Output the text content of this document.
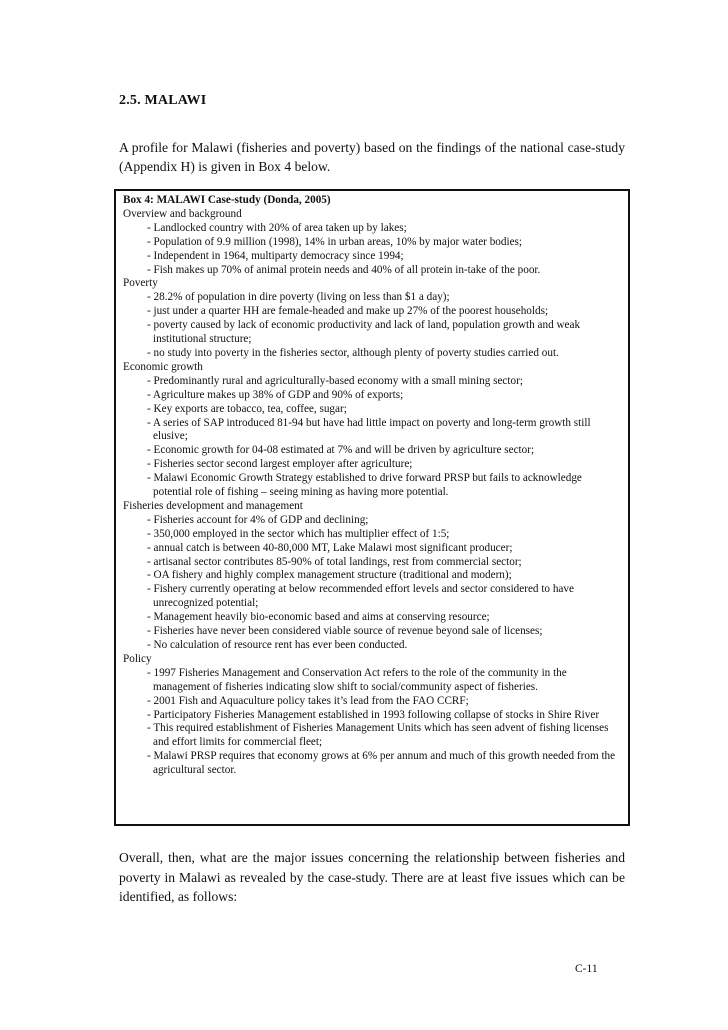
2.5. MALAWI

A profile for Malawi (fisheries and poverty) based on the findings of the national case-study (Appendix H) is given in Box 4 below.

Box 4: MALAWI Case-study (Donda, 2005)
Overview and background
- Landlocked country with 20% of area taken up by lakes;
- Population of 9.9 million (1998), 14% in urban areas, 10% by major water bodies;
- Independent in 1964, multiparty democracy since 1994;
- Fish makes up 70% of animal protein needs and 40% of all protein in-take of the poor.
Poverty
- 28.2% of population in dire poverty (living on less than $1 a day);
- just under a quarter HH are female-headed and make up 27% of the poorest households;
- poverty caused by lack of economic productivity and lack of land, population growth and weak institutional structure;
- no study into poverty in the fisheries sector, although plenty of poverty studies carried out.
Economic growth
- Predominantly rural and agriculturally-based economy with a small mining sector;
- Agriculture makes up 38% of GDP and 90% of exports;
- Key exports are tobacco, tea, coffee, sugar;
- A series of SAP introduced 81-94 but have had little impact on poverty and long-term growth still elusive;
- Economic growth for 04-08 estimated at 7% and will be driven by agriculture sector;
- Fisheries sector second largest employer after agriculture;
- Malawi Economic Growth Strategy established to drive forward PRSP but fails to acknowledge potential role of fishing – seeing mining as having more potential.
Fisheries development and management
- Fisheries account for 4% of GDP and declining;
- 350,000 employed in the sector which has multiplier effect of 1:5;
- annual catch is between 40-80,000 MT, Lake Malawi most significant producer;
- artisanal sector contributes 85-90% of total landings, rest from commercial sector;
- OA fishery and highly complex management structure (traditional and modern);
- Fishery currently operating at below recommended effort levels and sector considered to have unrecognized potential;
- Management heavily bio-economic based and aims at conserving resource;
- Fisheries have never been considered viable source of revenue beyond sale of licenses;
- No calculation of resource rent has ever been conducted.
Policy
- 1997 Fisheries Management and Conservation Act refers to the role of the community in the management of fisheries indicating slow shift to social/community aspect of fisheries.
- 2001 Fish and Aquaculture policy takes it’s lead from the FAO CCRF;
- Participatory Fisheries Management established in 1993 following collapse of stocks in Shire River
- This required establishment of Fisheries Management Units which has seen advent of fishing licenses and effort limits for commercial fleet;
- Malawi PRSP requires that economy grows at 6% per annum and much of this growth needed from the agricultural sector.

Overall, then, what are the major issues concerning the relationship between fisheries and poverty in Malawi as revealed by the case-study. There are at least five issues which can be identified, as follows:

C-11
